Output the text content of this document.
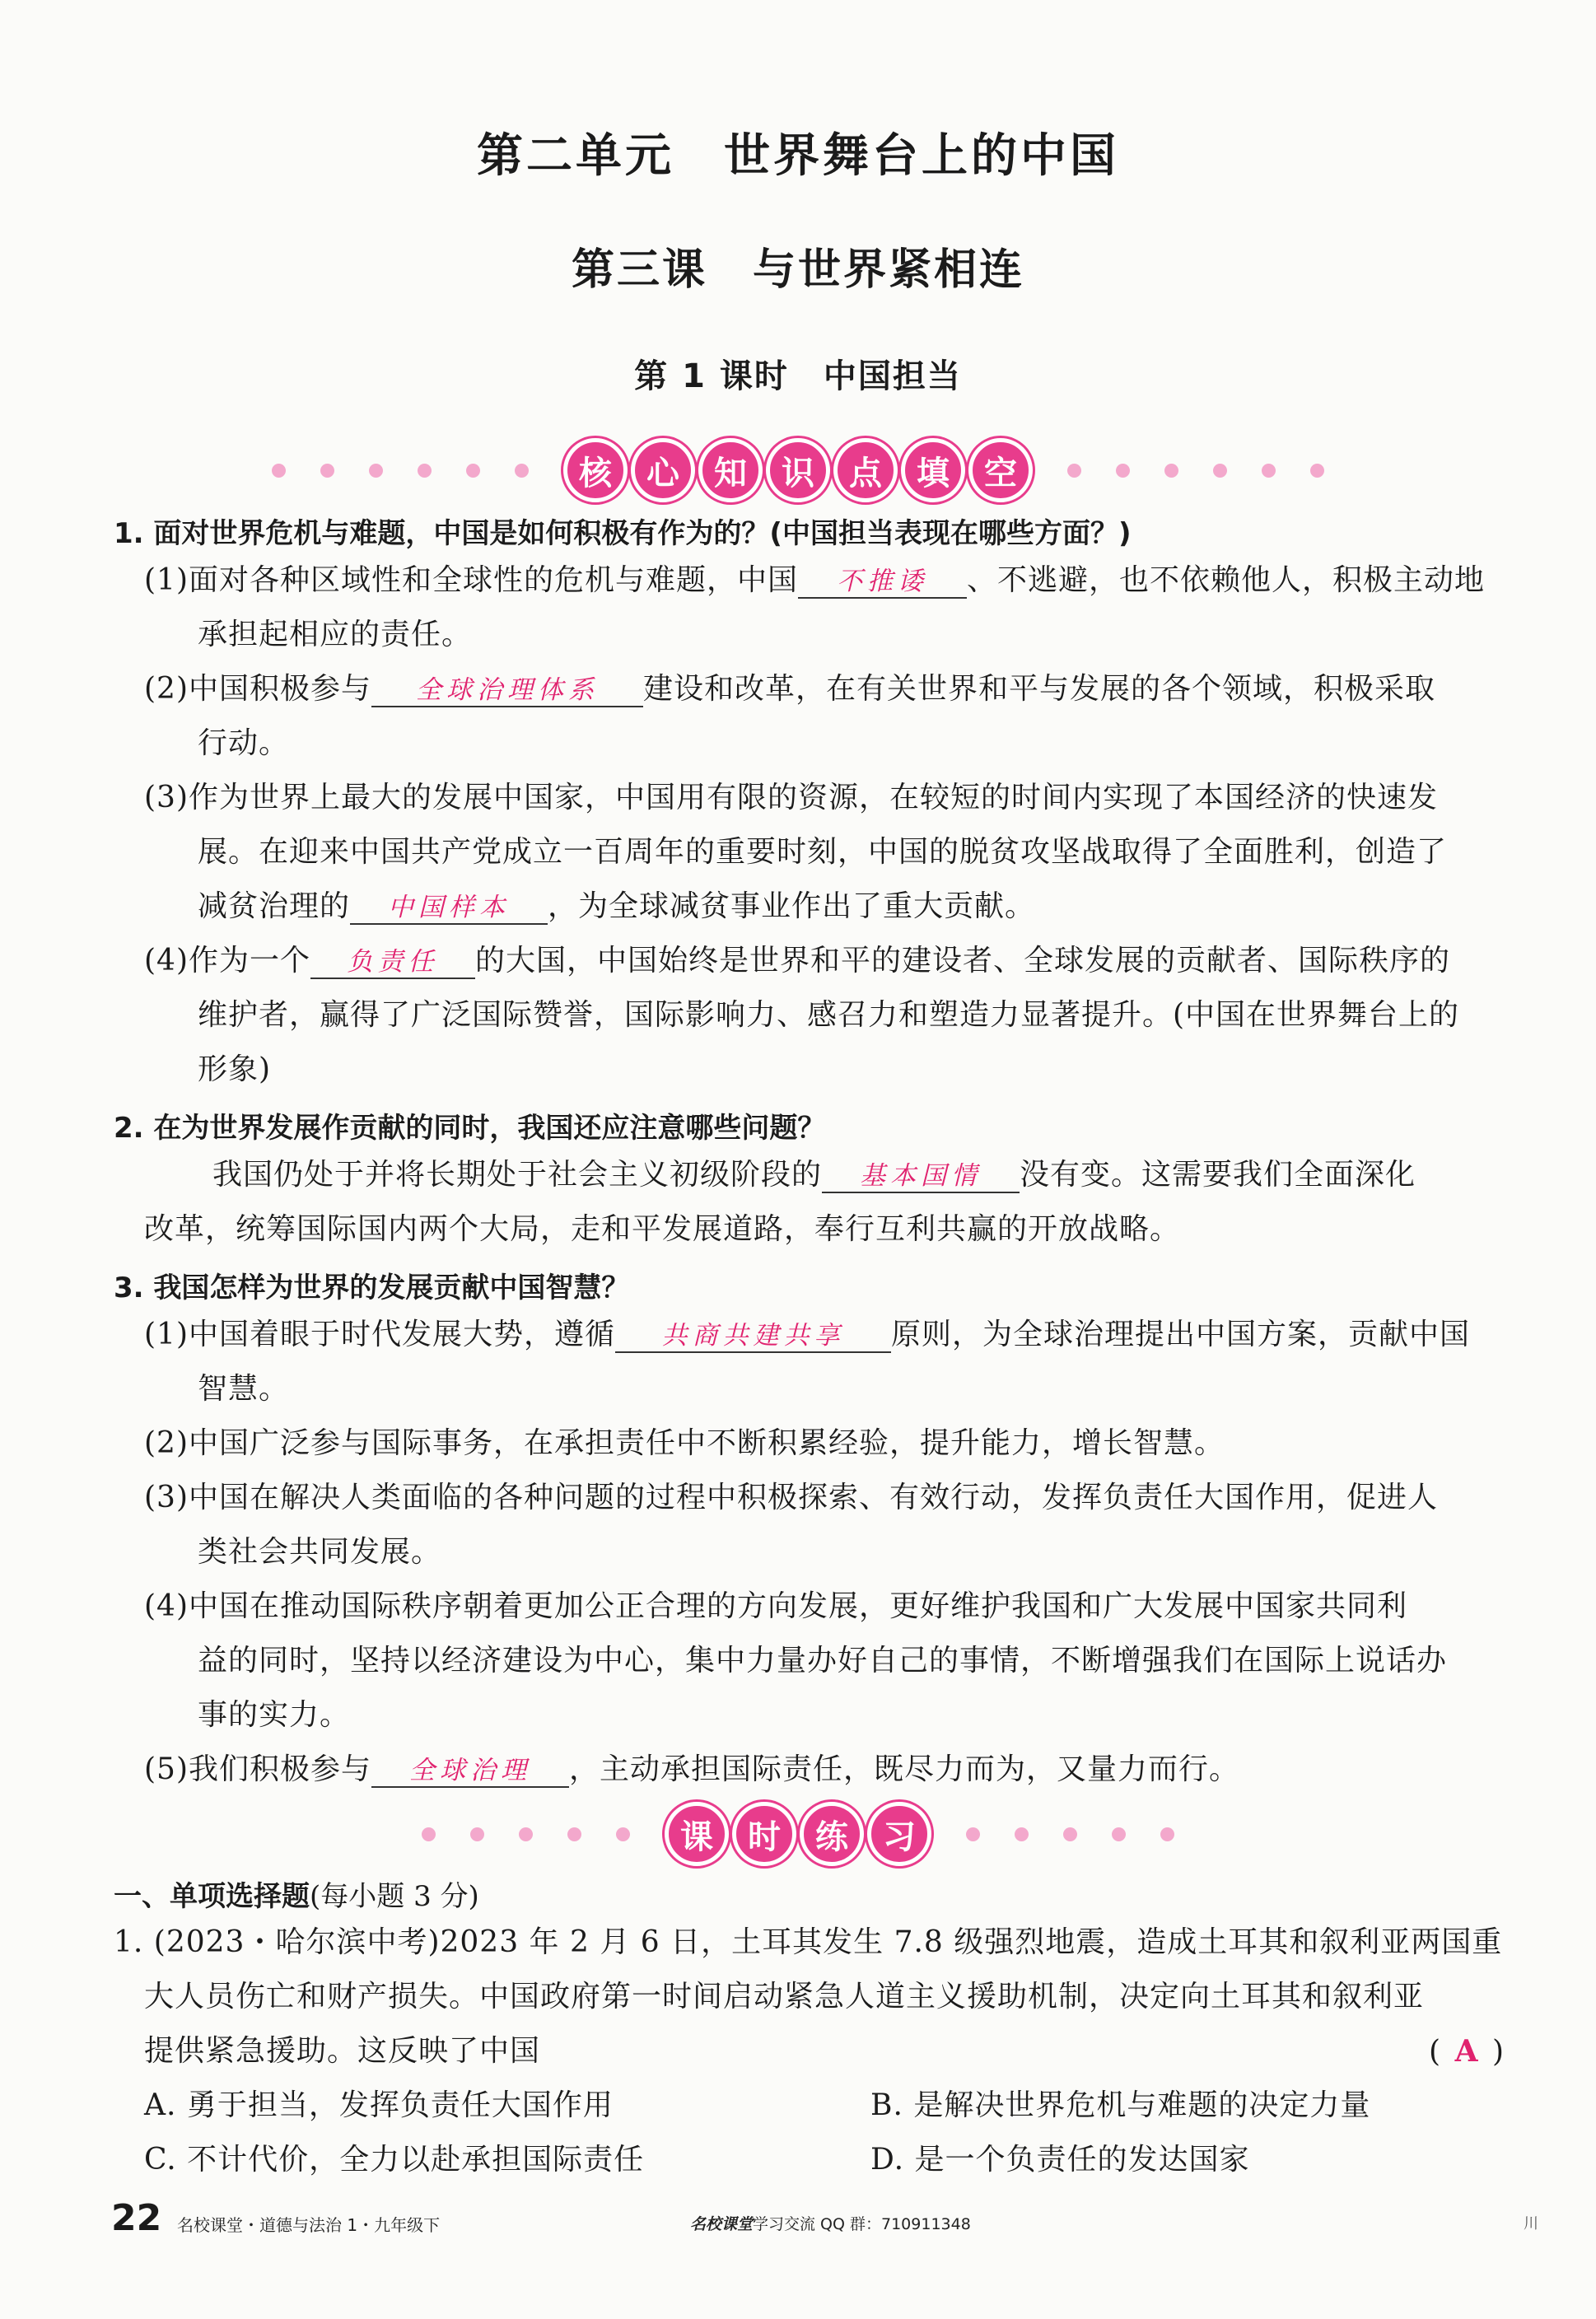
第二单元　世界舞台上的中国
第三课　与世界紧相连
第 1 课时　中国担当
核	心	知	识	点	填	空
1. 面对世界危机与难题，中国是如何积极有作为的？(中国担当表现在哪些方面？)
(1)面对各种区域性和全球性的危机与难题，中国 不推诿 、不逃避，也不依赖他人，积极主动地
承担起相应的责任。
(2)中国积极参与 全球治理体系 建设和改革，在有关世界和平与发展的各个领域，积极采取
行动。
(3)作为世界上最大的发展中国家，中国用有限的资源，在较短的时间内实现了本国经济的快速发
展。在迎来中国共产党成立一百周年的重要时刻，中国的脱贫攻坚战取得了全面胜利，创造了
减贫治理的 中国样本 ，为全球减贫事业作出了重大贡献。
(4)作为一个 负责任 的大国，中国始终是世界和平的建设者、全球发展的贡献者、国际秩序的
维护者，赢得了广泛国际赞誉，国际影响力、感召力和塑造力显著提升。(中国在世界舞台上的
形象)
2. 在为世界发展作贡献的同时，我国还应注意哪些问题？
我国仍处于并将长期处于社会主义初级阶段的 基本国情 没有变。这需要我们全面深化
改革，统筹国际国内两个大局，走和平发展道路，奉行互利共赢的开放战略。
3. 我国怎样为世界的发展贡献中国智慧？
(1)中国着眼于时代发展大势，遵循 共商共建共享 原则，为全球治理提出中国方案，贡献中国
智慧。
(2)中国广泛参与国际事务，在承担责任中不断积累经验，提升能力，增长智慧。
(3)中国在解决人类面临的各种问题的过程中积极探索、有效行动，发挥负责任大国作用，促进人
类社会共同发展。
(4)中国在推动国际秩序朝着更加公正合理的方向发展，更好维护我国和广大发展中国家共同利
益的同时，坚持以经济建设为中心，集中力量办好自己的事情，不断增强我们在国际上说话办
事的实力。
(5)我们积极参与 全球治理 ，主动承担国际责任，既尽力而为，又量力而行。
课	时	练	习
一、单项选择题(每小题 3 分)
1. (2023・哈尔滨中考)2023 年 2 月 6 日，土耳其发生 7.8 级强烈地震，造成土耳其和叙利亚两国重
大人员伤亡和财产损失。中国政府第一时间启动紧急人道主义援助机制，决定向土耳其和叙利亚
提供紧急援助。这反映了中国	( A )
A. 勇于担当，发挥负责任大国作用	B. 是解决世界危机与难题的决定力量
C. 不计代价，全力以赴承担国际责任	D. 是一个负责任的发达国家
22 名校课堂・道德与法治 1・九年级下	名校课堂学习交流 QQ 群：710911348	川
